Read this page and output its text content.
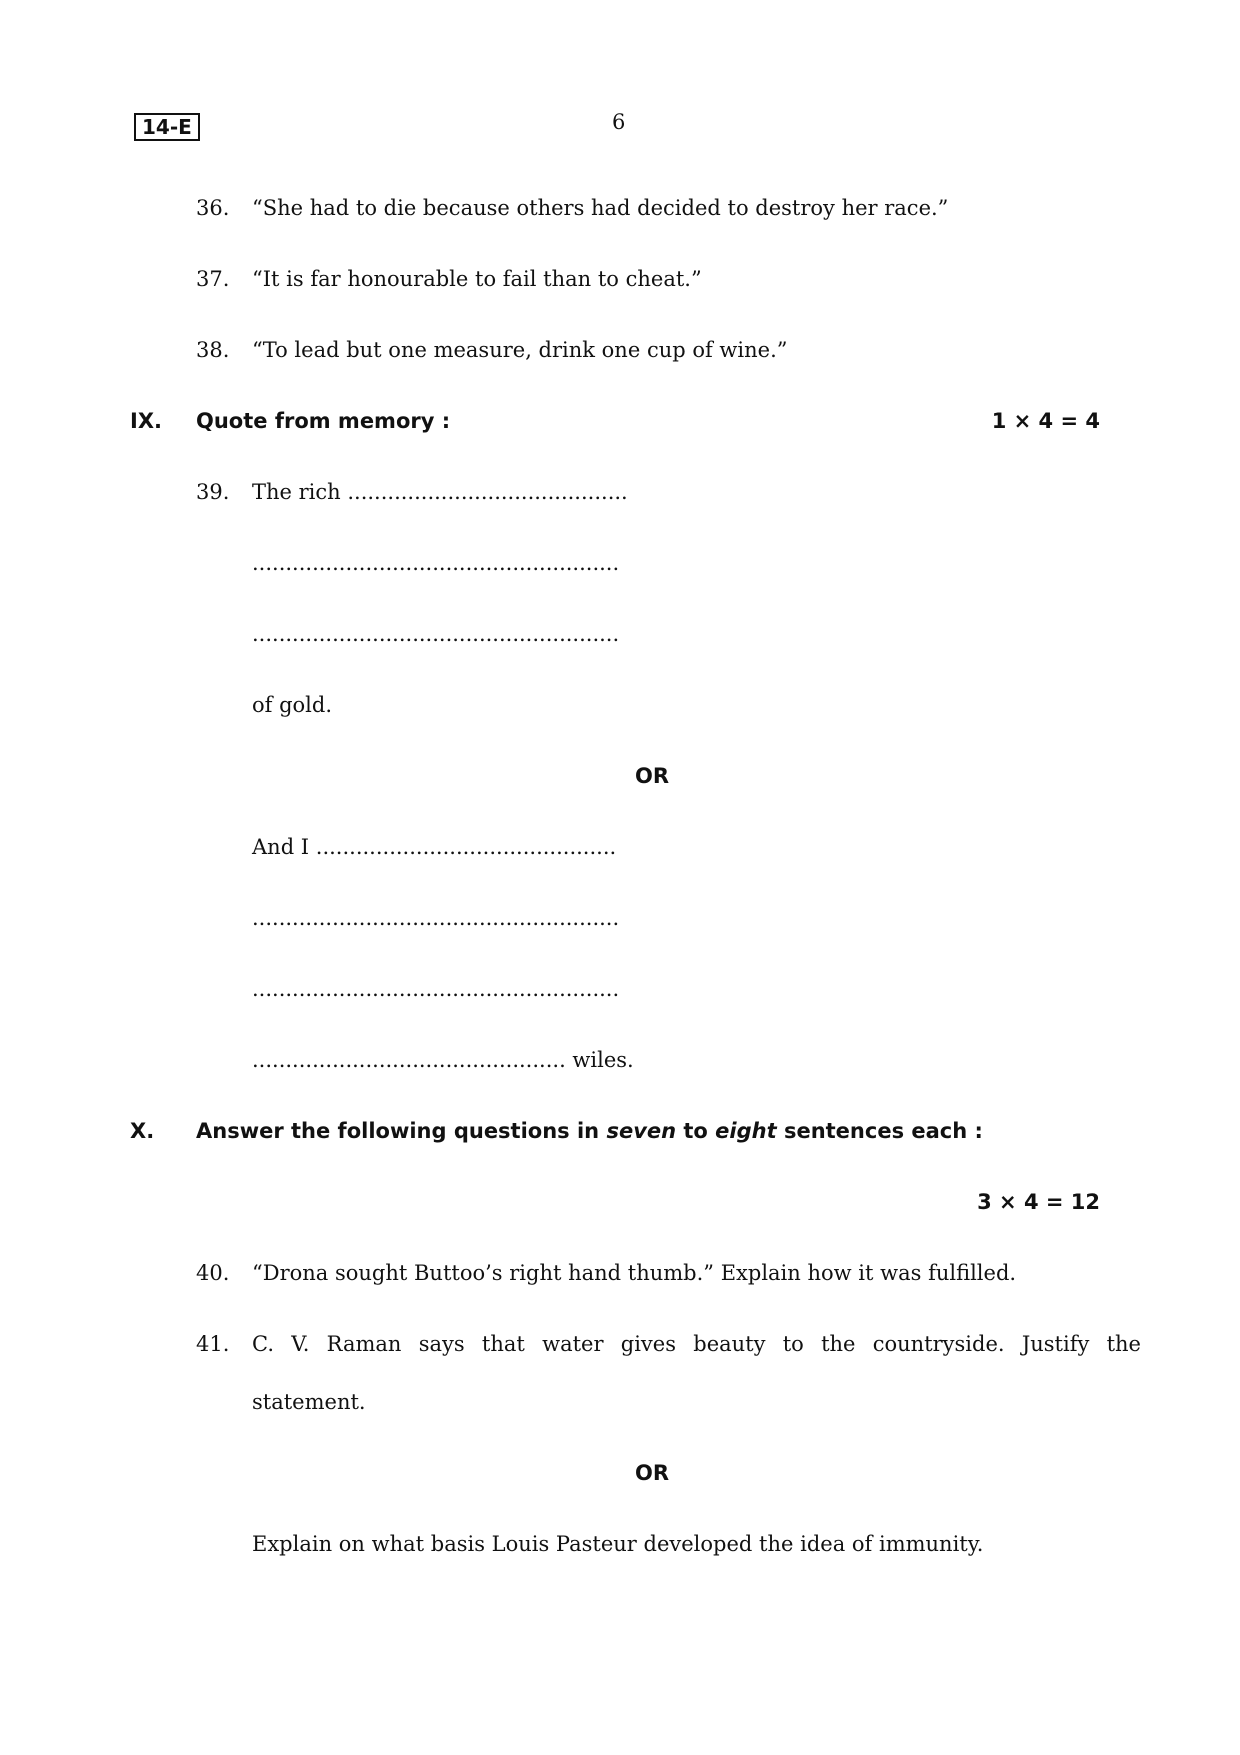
14-E	6
36. “She had to die because others had decided to destroy her race.”
37. “It is far honourable to fail than to cheat.”
38. “To lead but one measure, drink one cup of wine.”
IX. Quote from memory :	1 × 4 = 4
39. The rich ..........................................
.......................................................
.......................................................
of gold.
OR
And I .............................................
.......................................................
.......................................................
............................................... wiles.
X. Answer the following questions in seven to eight sentences each :
3 × 4 = 12
40. “Drona sought Buttoo’s right hand thumb.” Explain how it was fulfilled.
41. C. V. Raman says that water gives beauty to the countryside. Justify the
statement.
OR
Explain on what basis Louis Pasteur developed the idea of immunity.
